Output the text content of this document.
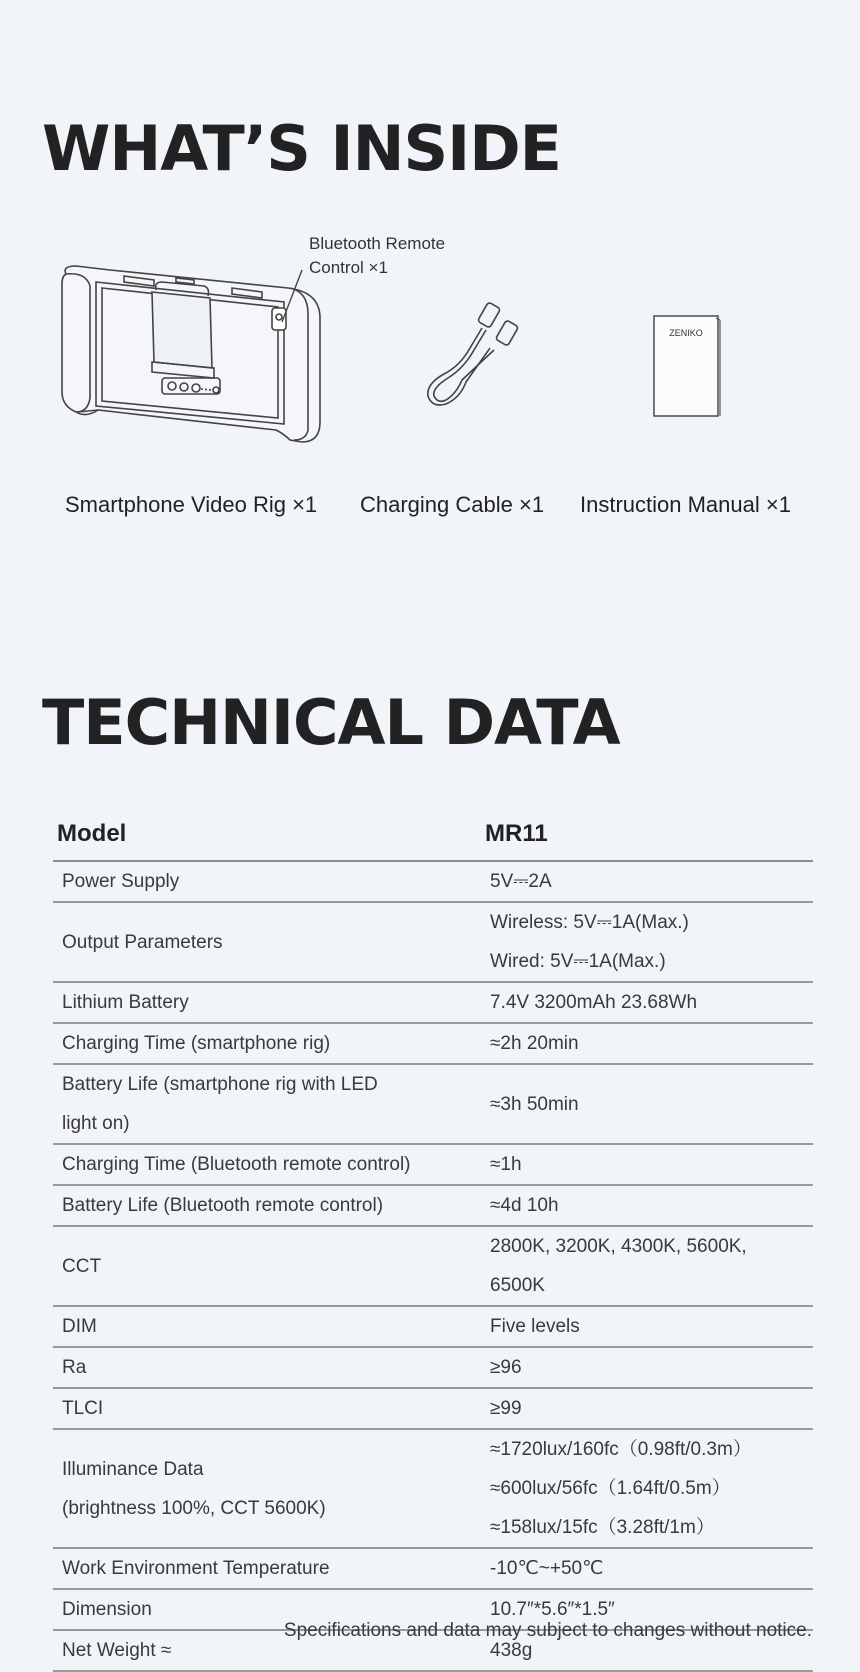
WHAT’S INSIDE
Bluetooth Remote
Control ×1
ZENIKO
Smartphone Video Rig ×1 Charging Cable ×1 Instruction Manual ×1
TECHNICAL DATA
Model	MR11

Power Supply	5V⎓2A

Output Parameters	Wireless: 5V⎓1A(Max.)
Wired: 5V⎓1A(Max.)

Lithium Battery	7.4V 3200mAh 23.68Wh

Charging Time (smartphone rig)	≈2h 20min

Battery Life (smartphone rig with LED
light on)	≈3h 50min

Charging Time (Bluetooth remote control)	≈1h

Battery Life (Bluetooth remote control)	≈4d 10h

CCT	2800K, 3200K, 4300K, 5600K, 6500K

DIM	Five levels

Ra	≥96

TLCI	≥99

Illuminance Data
(brightness 100%, CCT 5600K)	≈1720lux/160fc（0.98ft/0.3m）
≈600lux/56fc（1.64ft/0.5m）
≈158lux/15fc（3.28ft/1m）

Work Environment Temperature	-10℃~+50℃

Dimension	10.7″*5.6″*1.5″

Net Weight ≈	438g
Specifications and data may subject to changes without notice.
